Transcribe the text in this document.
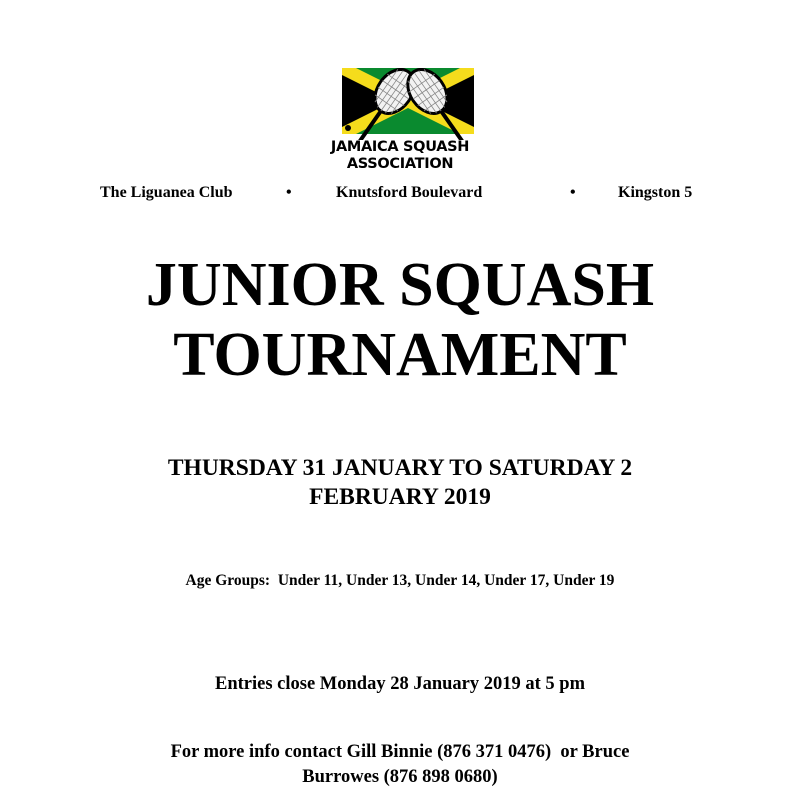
JAMAICA SQUASH
ASSOCIATION
The Liguanea Club	•	Knutsford Boulevard	•	Kingston 5
JUNIOR SQUASH
TOURNAMENT
THURSDAY 31 JANUARY TO SATURDAY 2
FEBRUARY 2019
Age Groups:  Under 11, Under 13, Under 14, Under 17, Under 19
Entries close Monday 28 January 2019 at 5 pm
For more info contact Gill Binnie (876 371 0476)  or Bruce
Burrowes (876 898 0680)
